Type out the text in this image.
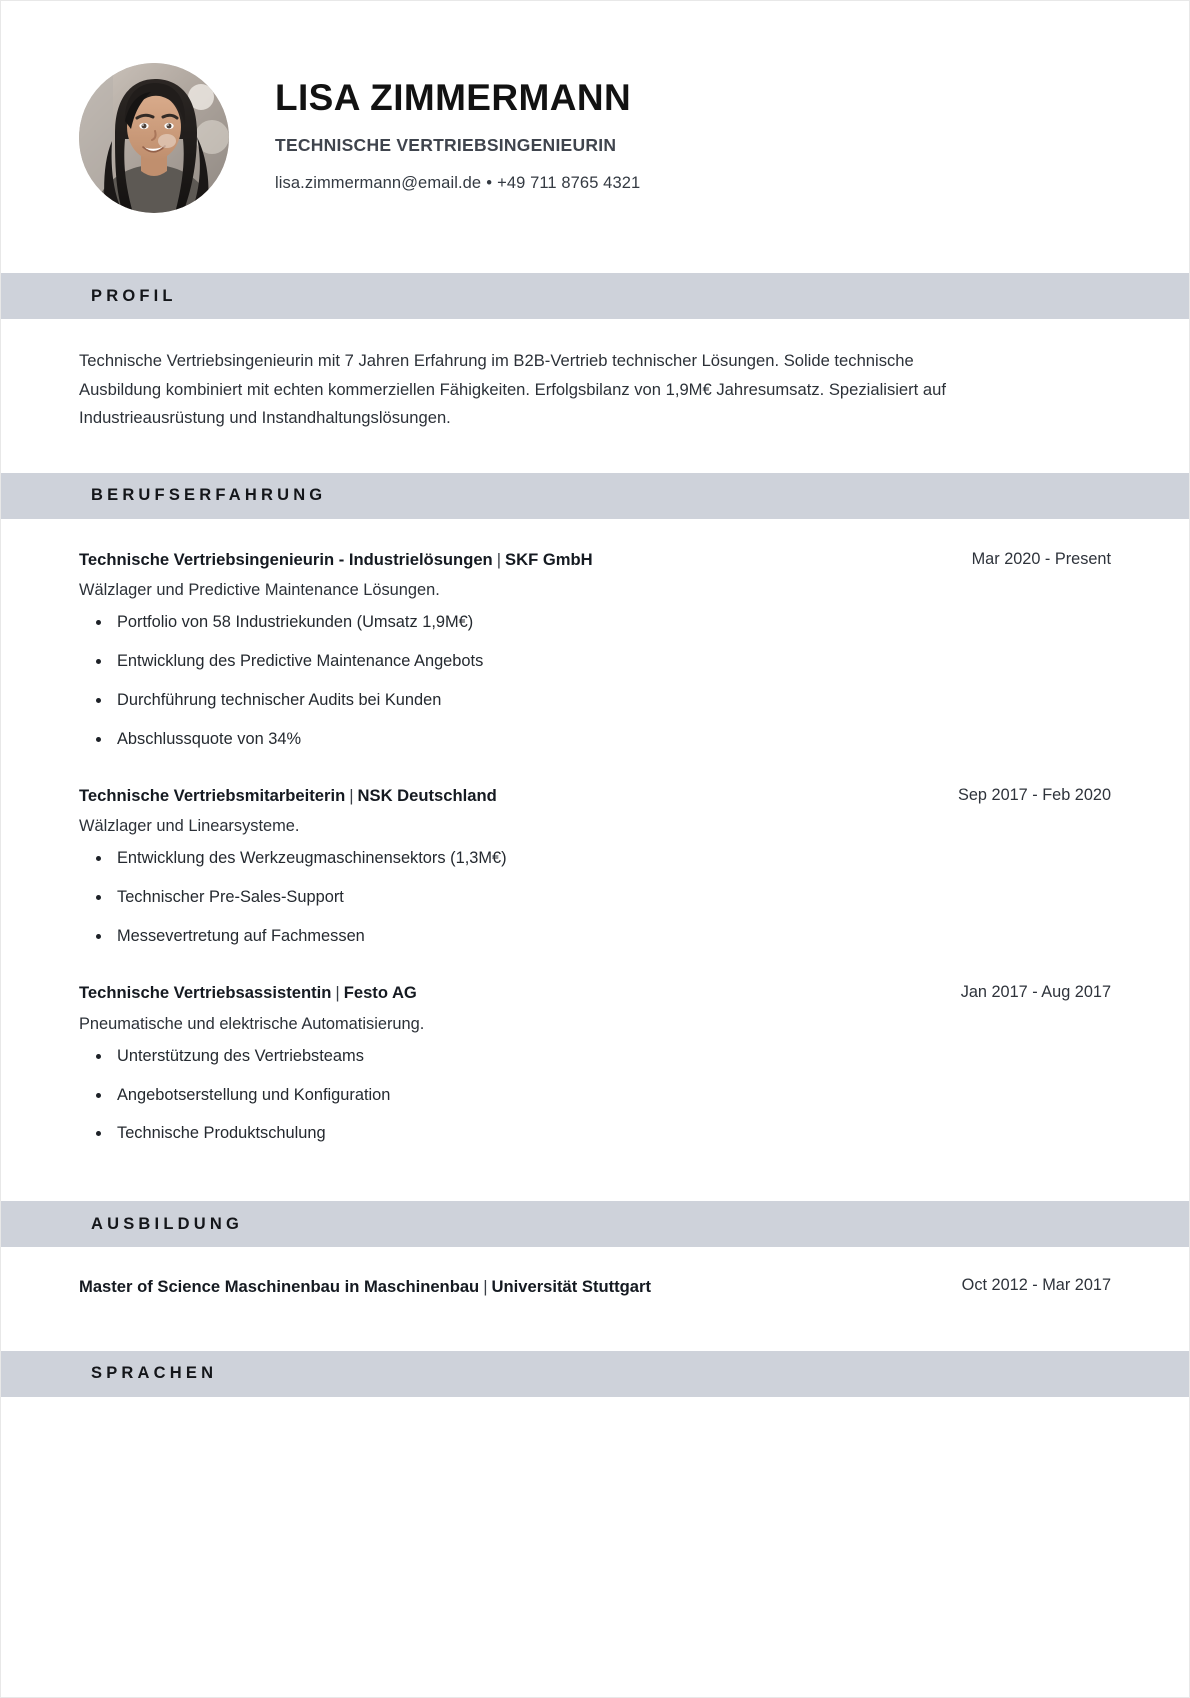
LISA ZIMMERMANN
TECHNISCHE VERTRIEBSINGENIEURIN
lisa.zimmermann@email.de • +49 711 8765 4321
PROFIL

Technische Vertriebsingenieurin mit 7 Jahren Erfahrung im B2B-Vertrieb technischer Lösungen. Solide technische Ausbildung kombiniert mit echten kommerziellen Fähigkeiten. Erfolgsbilanz von 1,9M€ Jahresumsatz. Spezialisiert auf Industrieausrüstung und Instandhaltungslösungen.

BERUFSERFAHRUNG
Technische Vertriebsingenieurin - Industrielösungen | SKF GmbH	Mar 2020 - Present
Wälzlager und Predictive Maintenance Lösungen.
Portfolio von 58 Industriekunden (Umsatz 1,9M€)
Entwicklung des Predictive Maintenance Angebots
Durchführung technischer Audits bei Kunden
Abschlussquote von 34%
Technische Vertriebsmitarbeiterin | NSK Deutschland	Sep 2017 - Feb 2020
Wälzlager und Linearsysteme.
Entwicklung des Werkzeugmaschinensektors (1,3M€)
Technischer Pre-Sales-Support
Messevertretung auf Fachmessen
Technische Vertriebsassistentin | Festo AG	Jan 2017 - Aug 2017
Pneumatische und elektrische Automatisierung.
Unterstützung des Vertriebsteams
Angebotserstellung und Konfiguration
Technische Produktschulung
AUSBILDUNG
Master of Science Maschinenbau in Maschinenbau | Universität Stuttgart	Oct 2012 - Mar 2017
SPRACHEN
